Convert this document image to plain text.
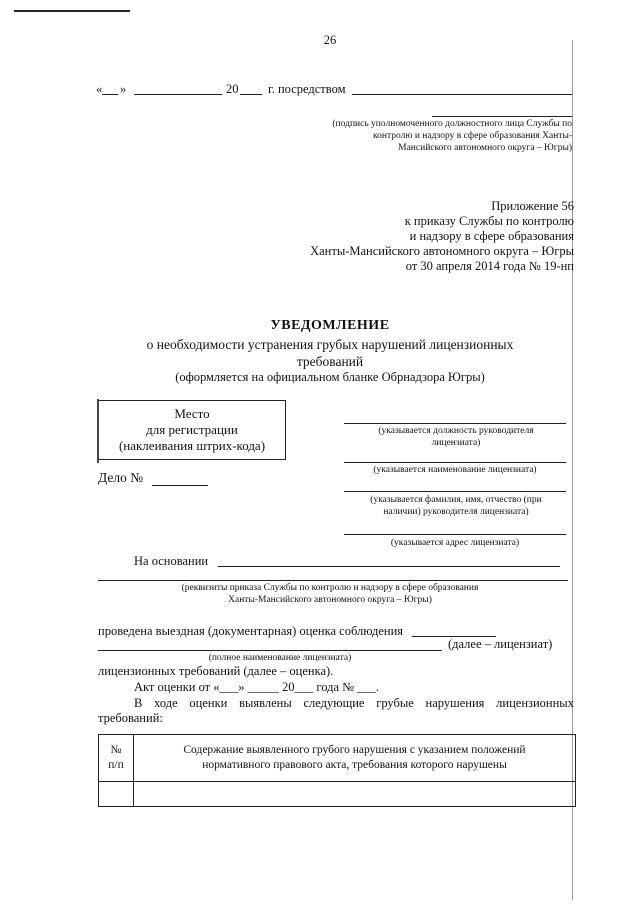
26
« »	20 г. посредством
(подпись уполномоченного должностного лица Службы по контролю и надзору в сфере образования Ханты-Мансийского автономного округа – Югры)
Приложение 56
к приказу Службы по контролю
и надзору в сфере образования
Ханты-Мансийского автономного округа – Югры
от 30 апреля 2014 года № 19-нп
УВЕДОМЛЕНИЕ
о необходимости устранения грубых нарушений лицензионных
требований
(оформляется на официальном бланке Обрнадзора Югры)
Место
для регистрации
(наклеивания штрих-кода)
Дело №
(указывается должность руководителя лицензиата)
(указывается наименование лицензиата)
(указывается фамилия, имя, отчество (при наличии) руководителя лицензиата)
(указывается адрес лицензиата)
На основании
(реквизиты приказа Службы по контролю и надзору в сфере образования
Ханты-Мансийского автономного округа – Югры)
проведена выездная (документарная) оценка соблюдения
(далее – лицензиат)
(полное наименование лицензиата)
лицензионных требований (далее – оценка).
Акт оценки от «___» _____ 20___ года № ___.
В ходе оценки выявлены следующие грубые нарушения лицензионных
требований:
№
п/п	Содержание выявленного грубого нарушения с указанием положений нормативного правового акта, требования которого нарушены
